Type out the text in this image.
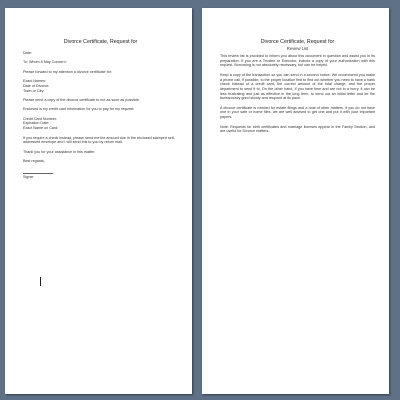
Divorce Certificate, Request for
Date:
To: Whom It May Concern:
Please forward to my attention a divorce certificate for:
Exact Names:
Date of Divorce:
Town or City:
Please send a copy of the divorce certificate to me as soon as possible.
Enclosed is my credit card information for you to pay for my request:
Credit Card Number:
Expiration Date:
Exact Name on Card:
If you require a check instead, please send me the amount due in the enclosed stamped self-addressed envelope and I will send this to you by return mail.
Thank you for your assistance in this matter.
Best regards,
Signer
Divorce Certificate, Request for
Review List
This review list is provided to inform you about this document in question and assist you in its preparation. If you are a Trustee or Executor, include a copy of your authorization with this request. Borrowing is not absolutely necessary, but can be helpful.
Keep a copy of the transaction so you can send in a second notice. We recommend you make a phone call, if possible, to the proper location first to find out whether you need to have a bank check instead of a credit card, the correct amount of the total charge, and the proper department to send it to. On the other hand, if you have time and are not in a hurry, it can be less frustrating and just as effective in the long term, to send out an initial letter and let the bureaucracy grind slowly and respond at its pace.
A divorce certificate is needed for estate filings and a host of other matters. If you do not have one in your safe or home files, we are well advised to get one and put it with your important papers.
Note: Requests for birth certificates and marriage licenses appear in the Family Section, and are useful for Divorce matters.
